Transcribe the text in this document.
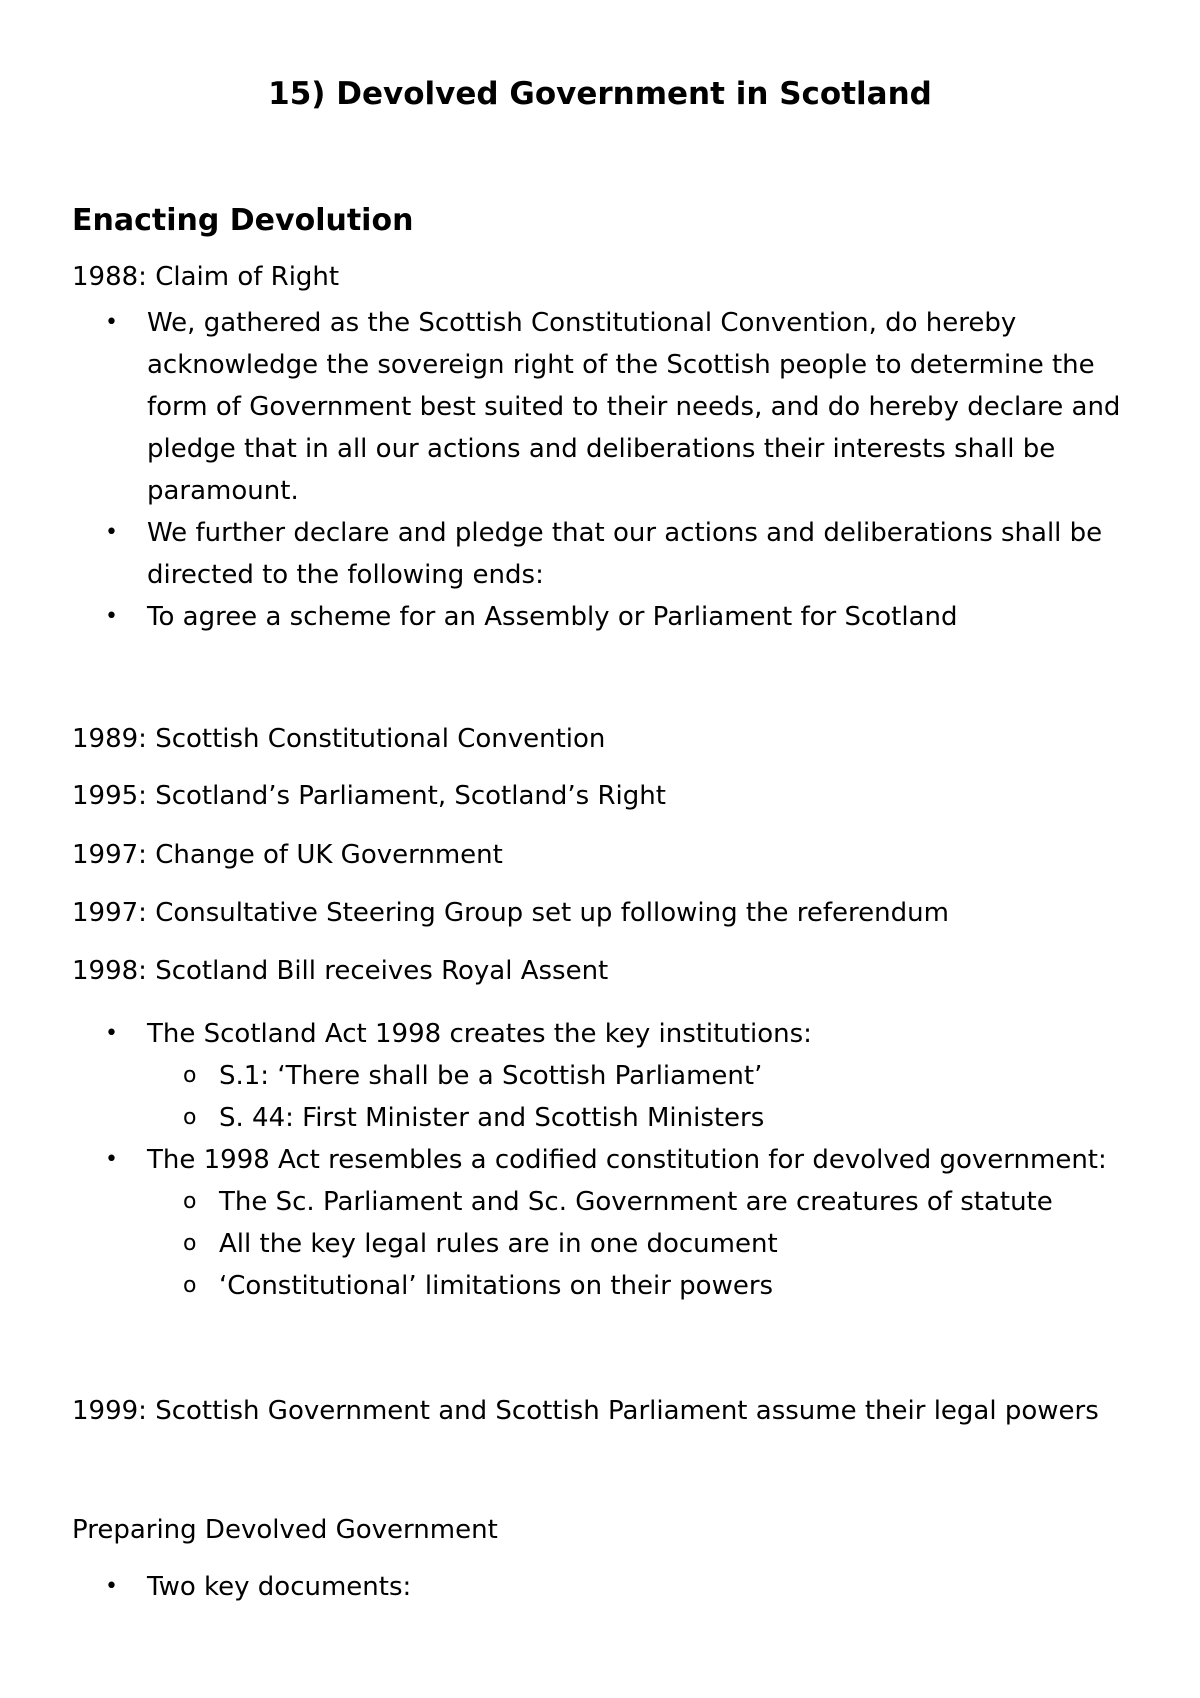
15) Devolved Government in Scotland
Enacting Devolution

1988: Claim of Right

•	We, gathered as the Scottish Constitutional Convention, do hereby acknowledge the sovereign right of the Scottish people to determine the form of Government best suited to their needs, and do hereby declare and pledge that in all our actions and deliberations their interests shall be paramount.
•	We further declare and pledge that our actions and deliberations shall be directed to the following ends:
•	To agree a scheme for an Assembly or Parliament for Scotland

1989: Scottish Constitutional Convention

1995: Scotland’s Parliament, Scotland’s Right

1997: Change of UK Government

1997: Consultative Steering Group set up following the referendum

1998: Scotland Bill receives Royal Assent

•	The Scotland Act 1998 creates the key institutions:
o S.1: ‘There shall be a Scottish Parliament’
o S. 44: First Minister and Scottish Ministers
•	The 1998 Act resembles a codified constitution for devolved government:
o The Sc. Parliament and Sc. Government are creatures of statute
o All the key legal rules are in one document
o ‘Constitutional’ limitations on their powers

1999: Scottish Government and Scottish Parliament assume their legal powers

Preparing Devolved Government

•	Two key documents:
